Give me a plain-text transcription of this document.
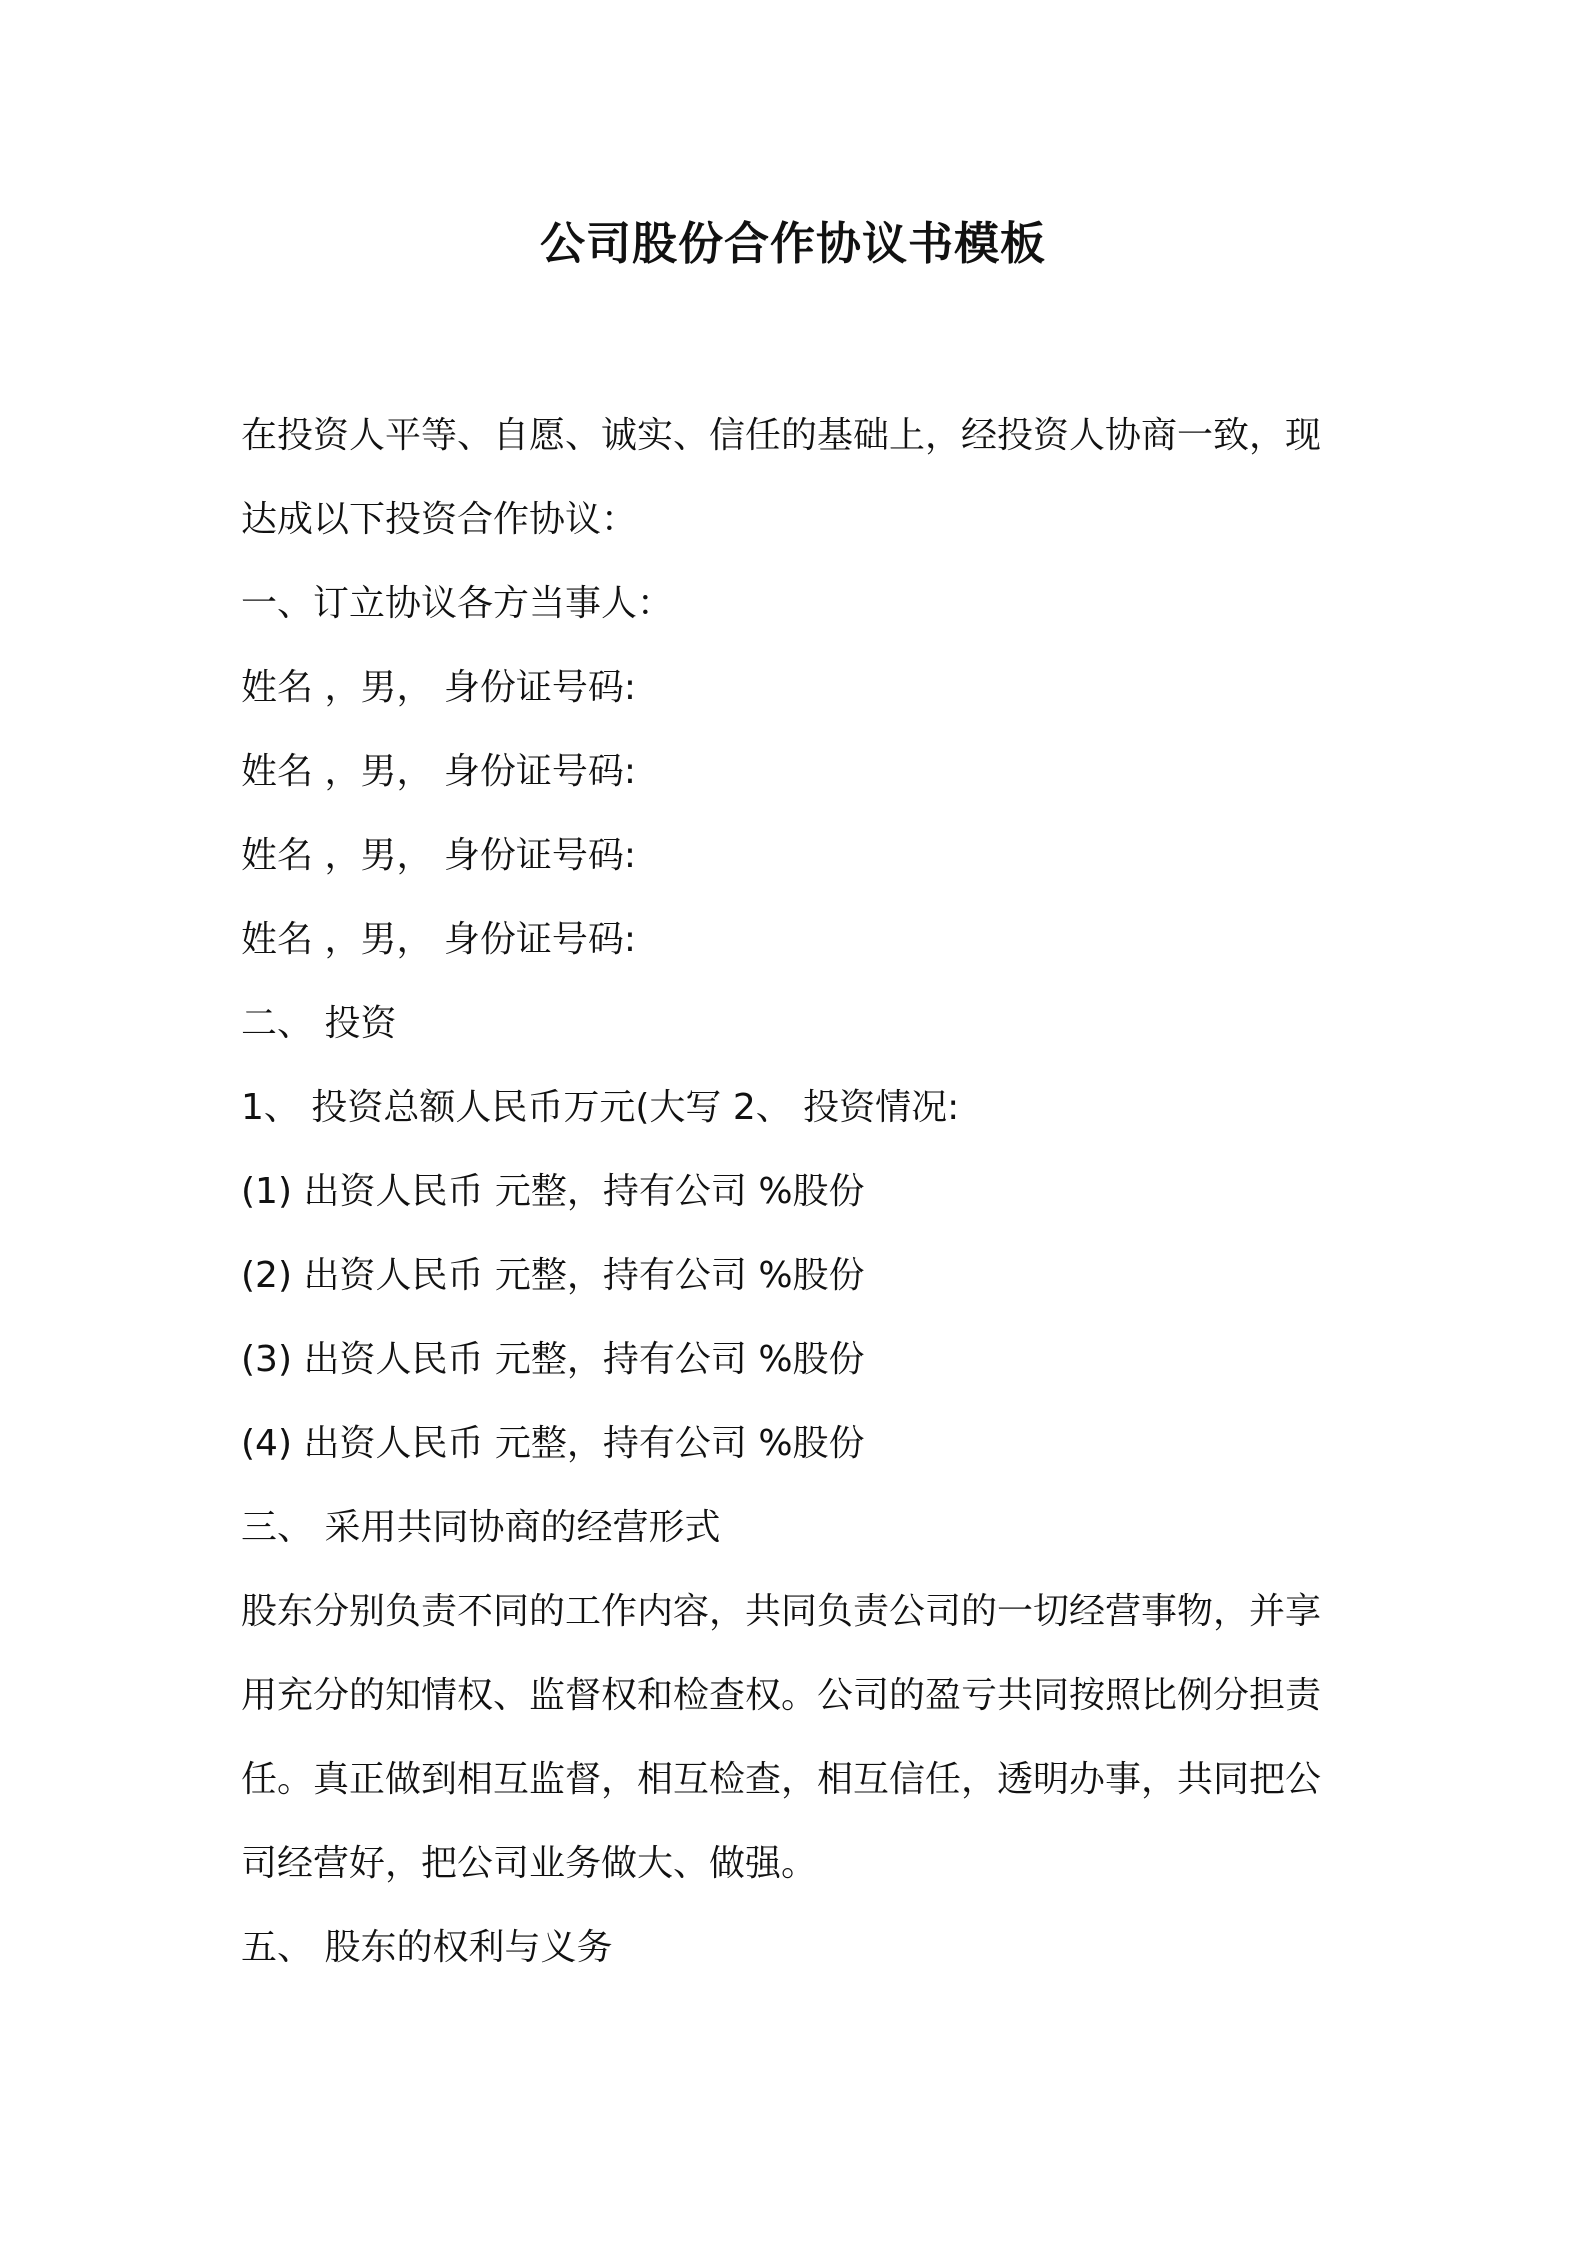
公司股份合作协议书模板

在投资人平等、自愿、诚实、信任的基础上，经投资人协商一致，现

达成以下投资合作协议：

一、订立协议各方当事人：

姓名 ，男， 身份证号码:

姓名 ，男， 身份证号码:

姓名 ，男， 身份证号码:

姓名 ，男， 身份证号码:

二、 投资

1、 投资总额人民币万元(大写 2、 投资情况:

(1) 出资人民币 元整，持有公司 %股份

(2) 出资人民币 元整，持有公司 %股份

(3) 出资人民币 元整，持有公司 %股份

(4) 出资人民币 元整，持有公司 %股份

三、 采用共同协商的经营形式

股东分别负责不同的工作内容，共同负责公司的一切经营事物，并享
用充分的知情权、监督权和检查权。公司的盈亏共同按照比例分担责
任。真正做到相互监督，相互检查，相互信任，透明办事，共同把公
司经营好，把公司业务做大、做强。

五、 股东的权利与义务
